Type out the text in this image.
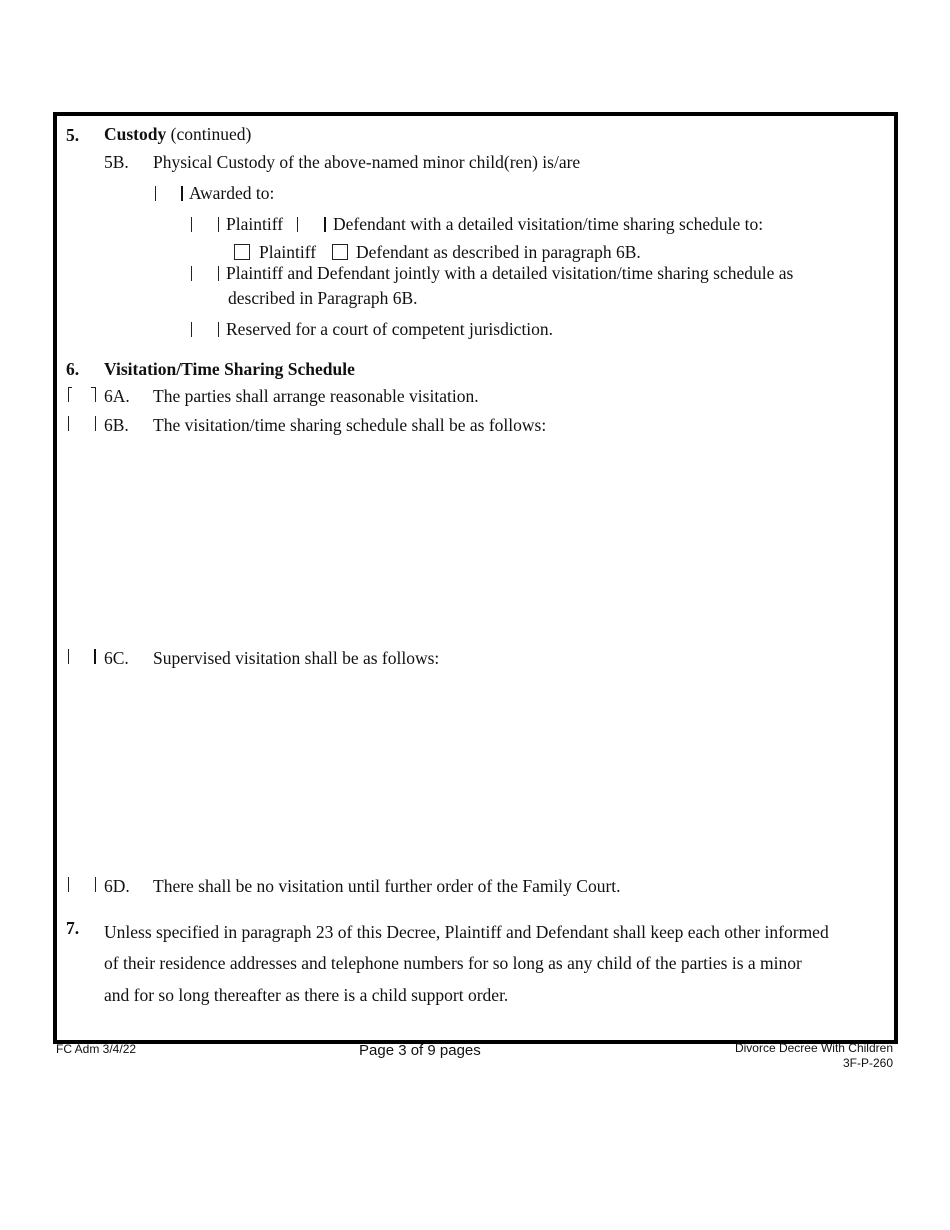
5. Custody (continued)
5B. Physical Custody of the above-named minor child(ren) is/are
Awarded to:
Plaintiff	Defendant with a detailed visitation/time sharing schedule to:
Plaintiff Defendant as described in paragraph 6B.
Plaintiff and Defendant jointly with a detailed visitation/time sharing schedule as
described in Paragraph 6B.
Reserved for a court of competent jurisdiction.
6. Visitation/Time Sharing Schedule
6A. The parties shall arrange reasonable visitation.
6B. The visitation/time sharing schedule shall be as follows:
6C. Supervised visitation shall be as follows:
6D. There shall be no visitation until further order of the Family Court.
7. Unless specified in paragraph 23 of this Decree, Plaintiff and Defendant shall keep each other informed
of their residence addresses and telephone numbers for so long as any child of the parties is a minor
and for so long thereafter as there is a child support order.
FC Adm 3/4/22	Page 3 of 9 pages	Divorce Decree With Children
3F-P-260
